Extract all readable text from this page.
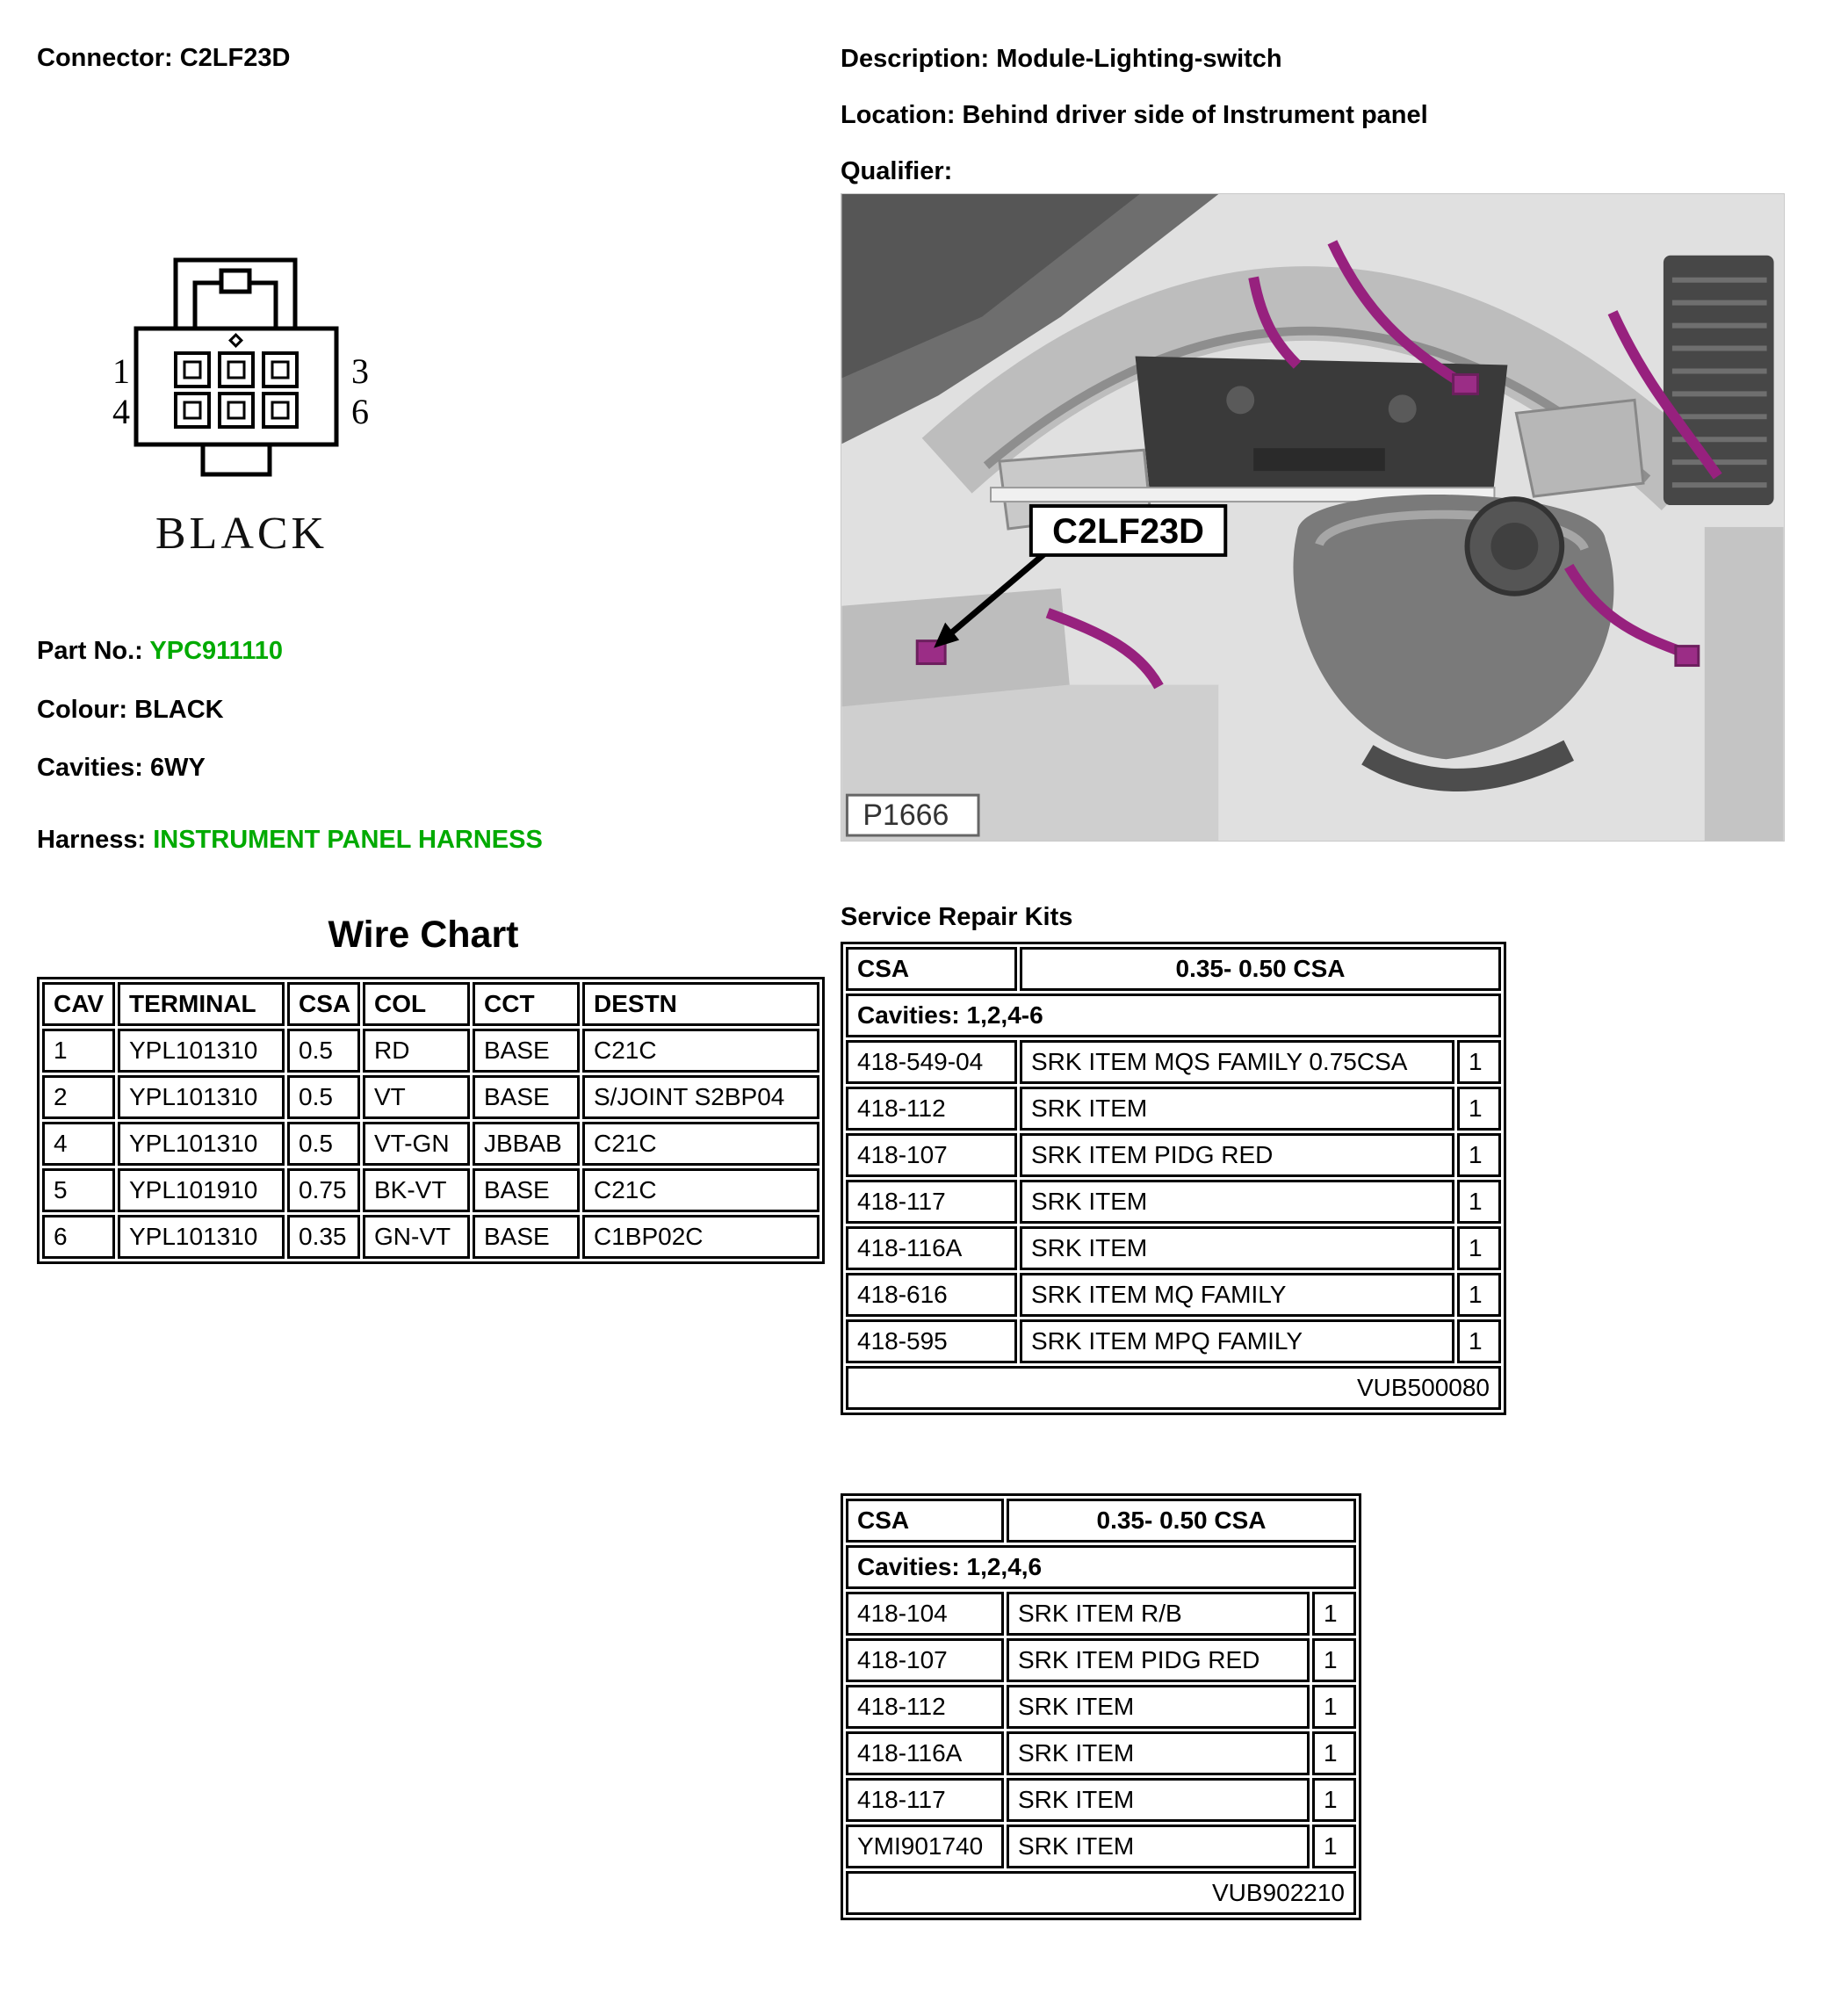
Connector: C2LF23D	Description: Module-Lighting-switch
Location: Behind driver side of Instrument panel
Qualifier:
1
4
3
6
BLACK
Part No.: YPC911110
Colour: BLACK
Cavities: 6WY
Harness: INSTRUMENT PANEL HARNESS
Wire Chart
CAV	TERMINAL	CSA	COL	CCT	DESTN
1	YPL101310	0.5	RD	BASE	C21C
2	YPL101310	0.5	VT	BASE	S/JOINT S2BP04
4	YPL101310	0.5	VT-GN	JBBAB	C21C
5	YPL101910	0.75	BK-VT	BASE	C21C
6	YPL101310	0.35	GN-VT	BASE	C1BP02C
C2LF23D
P1666
Service Repair Kits
CSA	0.35- 0.50 CSA	
Cavities: 1,2,4-6		
418-549-04	SRK ITEM MQS FAMILY 0.75CSA	1
418-112	SRK ITEM	1
418-107	SRK ITEM PIDG RED	1
418-117	SRK ITEM	1
418-116A	SRK ITEM	1
418-616	SRK ITEM MQ FAMILY	1
418-595	SRK ITEM MPQ FAMILY	1
VUB500080		
CSA	0.35- 0.50 CSA	
Cavities: 1,2,4,6		
418-104	SRK ITEM R/B	1
418-107	SRK ITEM PIDG RED	1
418-112	SRK ITEM	1
418-116A	SRK ITEM	1
418-117	SRK ITEM	1
YMI901740	SRK ITEM	1
VUB902210		
